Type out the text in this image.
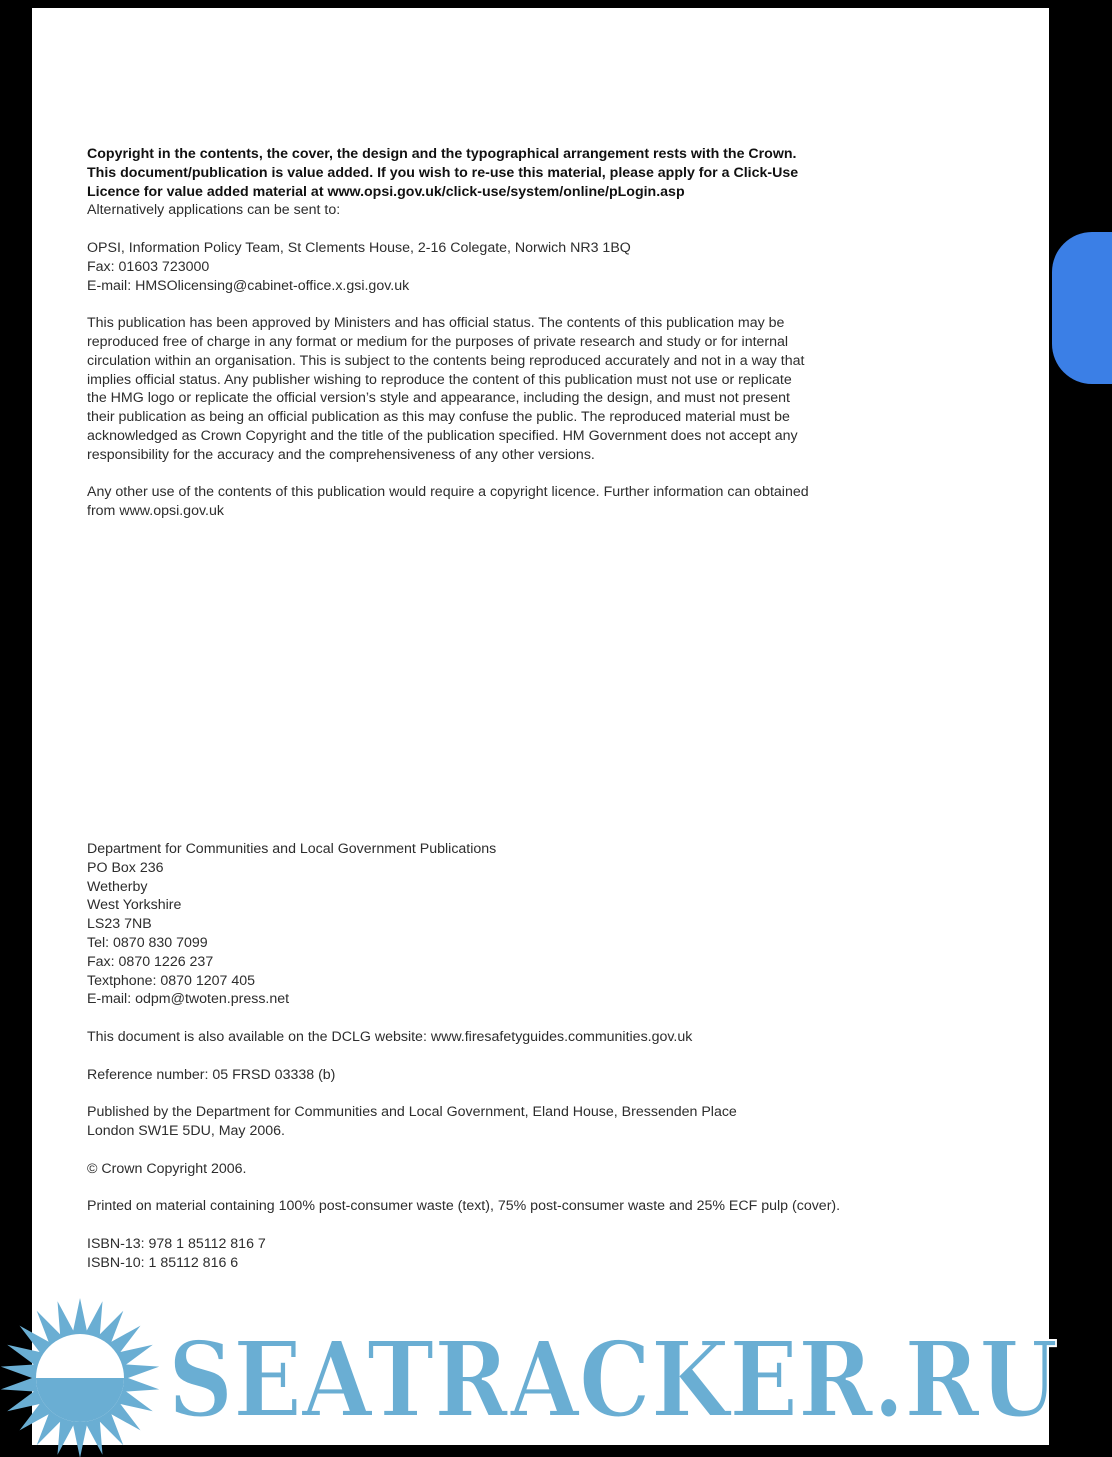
Copyright in the contents, the cover, the design and the typographical arrangement rests with the Crown.
This document/publication is value added. If you wish to re-use this material, please apply for a Click-Use
Licence for value added material at www.opsi.gov.uk/click-use/system/online/pLogin.asp
Alternatively applications can be sent to:

OPSI, Information Policy Team, St Clements House, 2-16 Colegate, Norwich NR3 1BQ
Fax: 01603 723000
E-mail: HMSOlicensing@cabinet-office.x.gsi.gov.uk

This publication has been approved by Ministers and has official status. The contents of this publication may be
reproduced free of charge in any format or medium for the purposes of private research and study or for internal
circulation within an organisation. This is subject to the contents being reproduced accurately and not in a way that
implies official status. Any publisher wishing to reproduce the content of this publication must not use or replicate
the HMG logo or replicate the official version’s style and appearance, including the design, and must not present
their publication as being an official publication as this may confuse the public. The reproduced material must be
acknowledged as Crown Copyright and the title of the publication specified. HM Government does not accept any
responsibility for the accuracy and the comprehensiveness of any other versions.

Any other use of the contents of this publication would require a copyright licence. Further information can obtained
from www.opsi.gov.uk

Department for Communities and Local Government Publications
PO Box 236
Wetherby
West Yorkshire
LS23 7NB
Tel: 0870 830 7099
Fax: 0870 1226 237
Textphone: 0870 1207 405
E-mail: odpm@twoten.press.net

This document is also available on the DCLG website: www.firesafetyguides.communities.gov.uk

Reference number: 05 FRSD 03338 (b)

Published by the Department for Communities and Local Government, Eland House, Bressenden Place
London SW1E 5DU, May 2006.

© Crown Copyright 2006.

Printed on material containing 100% post-consumer waste (text), 75% post-consumer waste and 25% ECF pulp (cover).

ISBN-13: 978 1 85112 816 7
ISBN-10: 1 85112 816 6

SEATRACKER.RU
